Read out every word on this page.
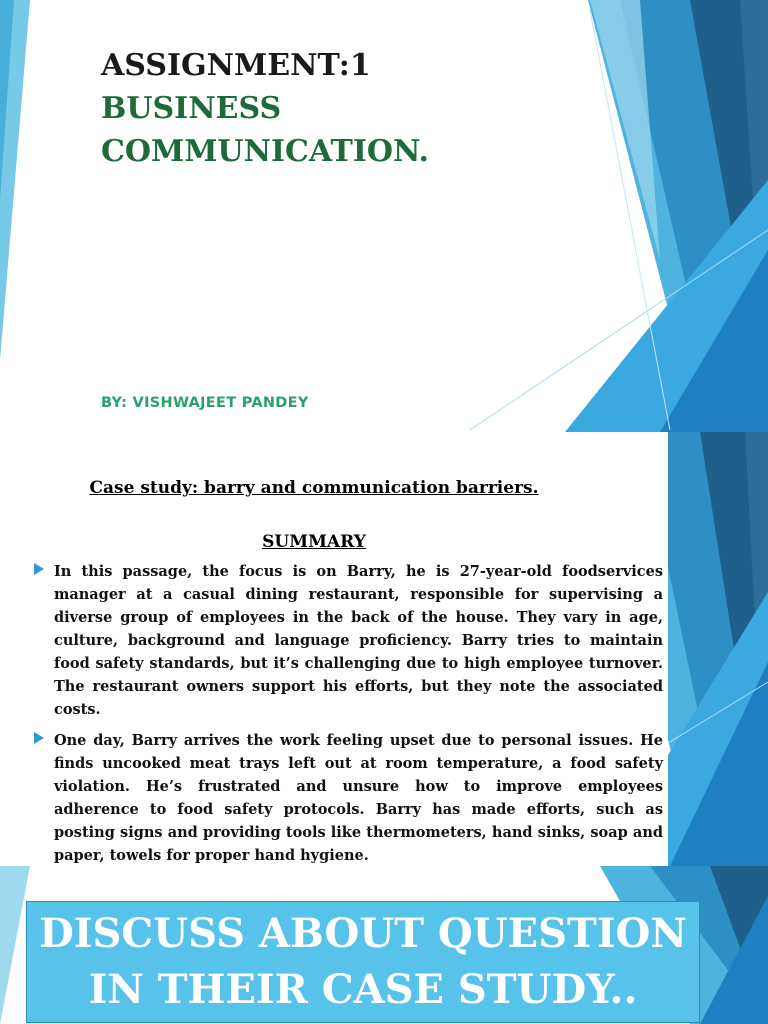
ASSIGNMENT:1

BUSINESS

COMMUNICATION.

BY: VISHWAJEET PANDEY
Case study: barry and communication barriers.
SUMMARY

In this passage, the focus is on Barry, he is 27-year-old foodservices manager at a casual dining restaurant, responsible for supervising a diverse group of employees in the back of the house. They vary in age, culture, background and language proficiency. Barry tries to maintain food safety standards, but it’s challenging due to high employee turnover. The restaurant owners support his efforts, but they note the associated costs.

One day, Barry arrives the work feeling upset due to personal issues. He finds uncooked meat trays left out at room temperature, a food safety violation. He’s frustrated and unsure how to improve employees adherence to food safety protocols. Barry has made efforts, such as posting signs and providing tools like thermometers, hand sinks, soap and paper, towels for proper hand hygiene.

DISCUSS ABOUT QUESTION IN THEIR CASE STUDY..
